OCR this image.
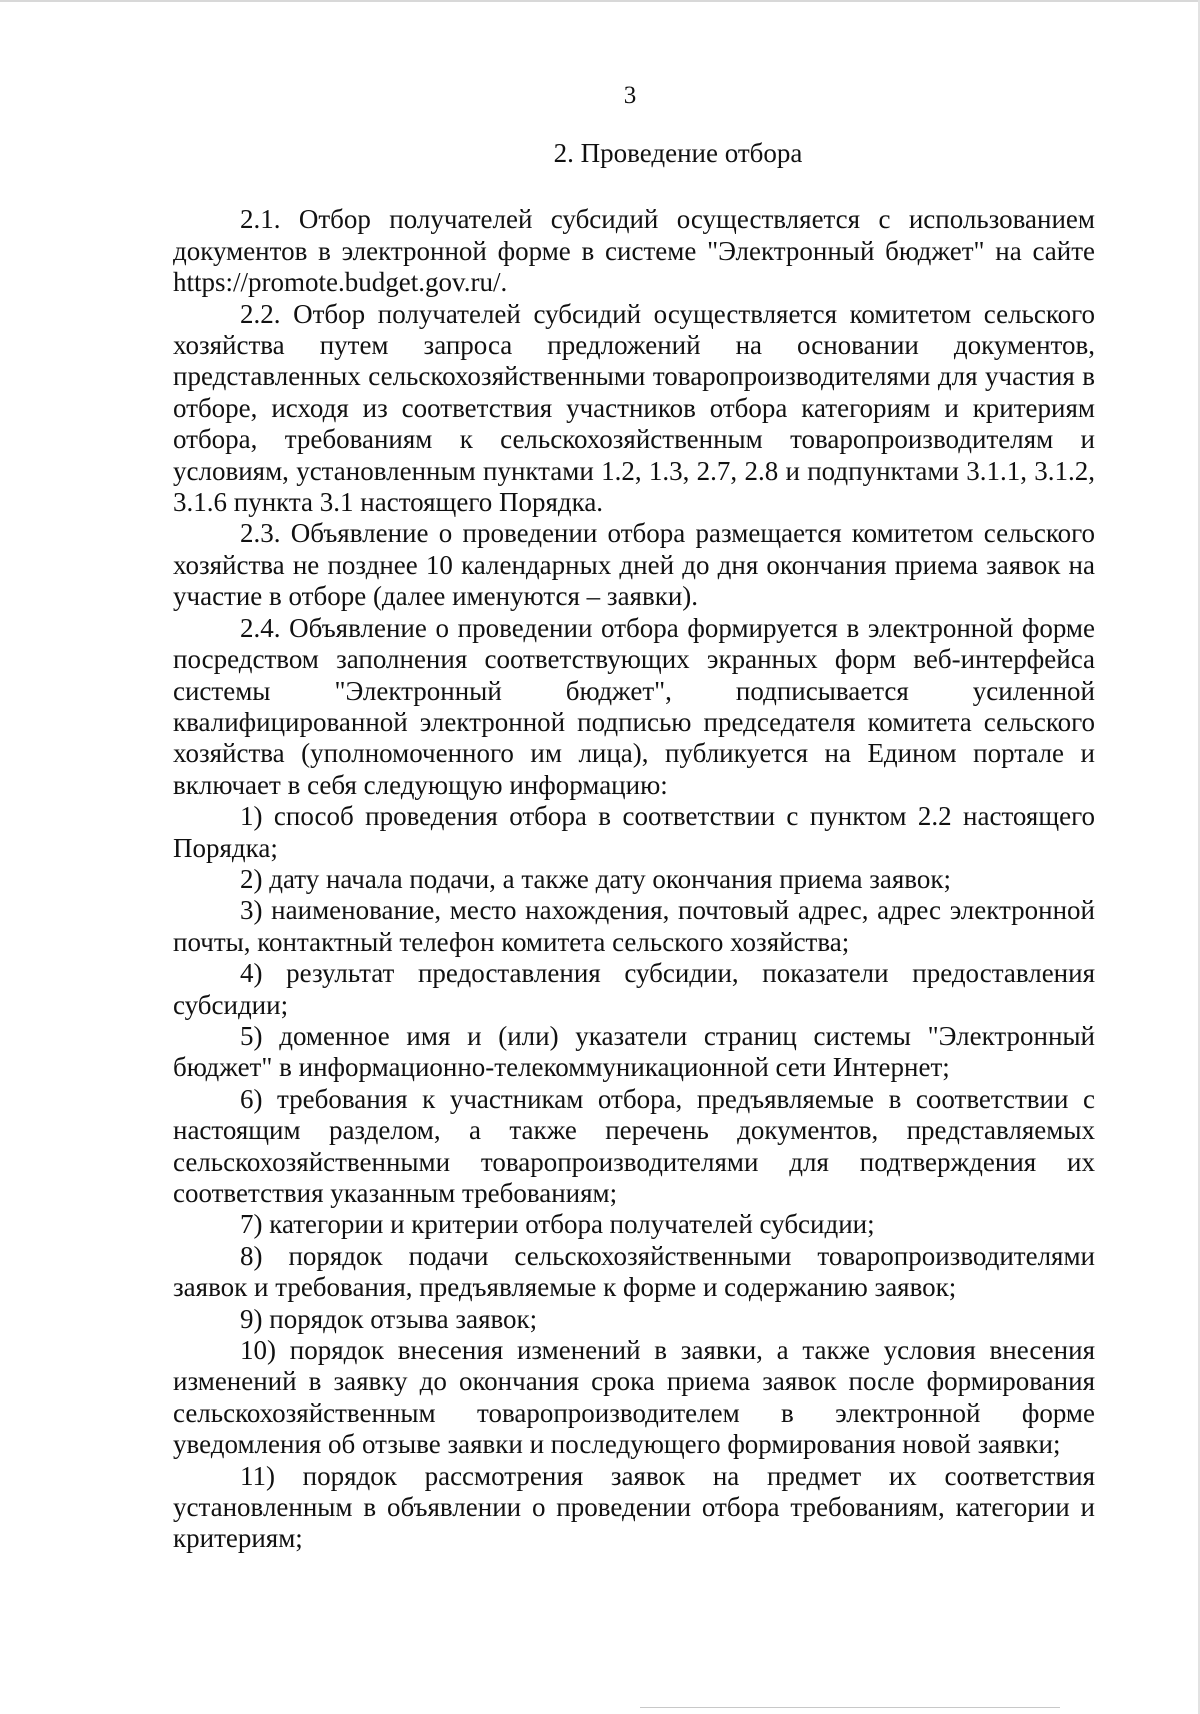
3
2. Проведение отбора

2.1. Отбор получателей субсидий осуществляется с использованием документов в электронной форме в системе "Электронный бюджет" на сайте https://promote.budget.gov.ru/.

2.2. Отбор получателей субсидий осуществляется комитетом сельского хозяйства путем запроса предложений на основании документов, представленных сельскохозяйственными товаропроизводителями для участия в отборе, исходя из соответствия участников отбора категориям и критериям отбора, требованиям к сельскохозяйственным товаропроизводителям и условиям, установленным пунктами 1.2, 1.3, 2.7, 2.8 и подпунктами 3.1.1, 3.1.2, 3.1.6 пункта 3.1 настоящего Порядка.

2.3. Объявление о проведении отбора размещается комитетом сельского хозяйства не позднее 10 календарных дней до дня окончания приема заявок на участие в отборе (далее именуются – заявки).

2.4. Объявление о проведении отбора формируется в электронной форме посредством заполнения соответствующих экранных форм веб-интерфейса системы "Электронный бюджет", подписывается усиленной квалифицированной электронной подписью председателя комитета сельского хозяйства (уполномоченного им лица), публикуется на Едином портале и включает в себя следующую информацию:

1) способ проведения отбора в соответствии с пунктом 2.2 настоящего Порядка;

2) дату начала подачи, а также дату окончания приема заявок;

3) наименование, место нахождения, почтовый адрес, адрес электронной почты, контактный телефон комитета сельского хозяйства;

4) результат предоставления субсидии, показатели предоставления субсидии;

5) доменное имя и (или) указатели страниц системы "Электронный бюджет" в информационно-телекоммуникационной сети Интернет;

6) требования к участникам отбора, предъявляемые в соответствии с настоящим разделом, а также перечень документов, представляемых сельскохозяйственными товаропроизводителями для подтверждения их соответствия указанным требованиям;

7) категории и критерии отбора получателей субсидии;

8) порядок подачи сельскохозяйственными товаропроизводителями заявок и требования, предъявляемые к форме и содержанию заявок;

9) порядок отзыва заявок;

10) порядок внесения изменений в заявки, а также условия внесения изменений в заявку до окончания срока приема заявок после формирования сельскохозяйственным товаропроизводителем в электронной форме уведомления об отзыве заявки и последующего формирования новой заявки;

11) порядок рассмотрения заявок на предмет их соответствия установленным в объявлении о проведении отбора требованиям, категории и критериям;
